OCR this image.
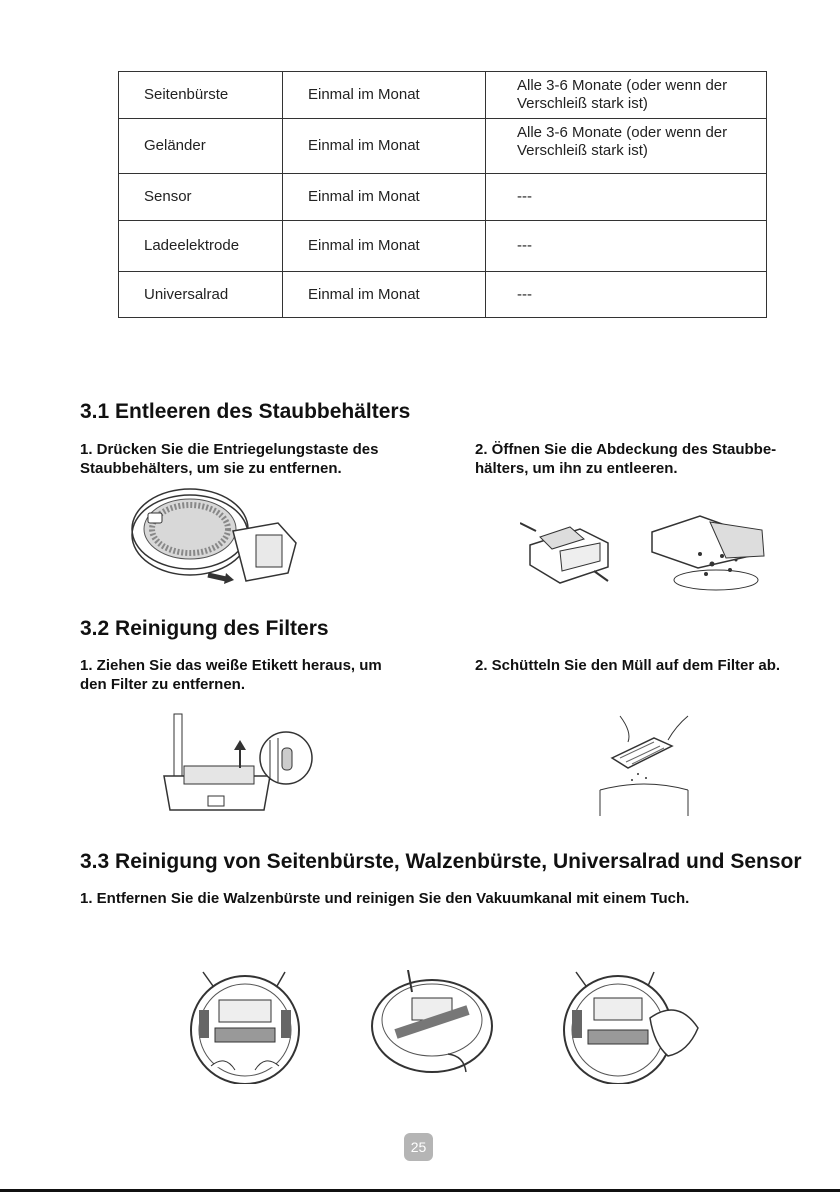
Seitenbürste	Einmal im Monat	Alle 3-6 Monate (oder wenn der Verschleiß stark ist)
Geländer	Einmal im Monat	Alle 3-6 Monate (oder wenn der Verschleiß stark ist)
Sensor	Einmal im Monat	---
Ladeelektrode	Einmal im Monat	---
Universalrad	Einmal im Monat	---
3.1 Entleeren des Staubbehälters

1. Drücken Sie die Entriegelungstaste des Staubbehälters, um sie zu entfernen.

2. Öffnen Sie die Abdeckung des Staubbe-hälters, um ihn zu entleeren.

3.2 Reinigung des Filters

1. Ziehen Sie das weiße Etikett heraus, um den Filter zu entfernen.

2. Schütteln Sie den Müll auf dem Filter ab.

3.3 Reinigung von Seitenbürste, Walzenbürste, Universalrad und Sensor

1. Entfernen Sie die Walzenbürste und reinigen Sie den Vakuumkanal mit einem Tuch.

25
